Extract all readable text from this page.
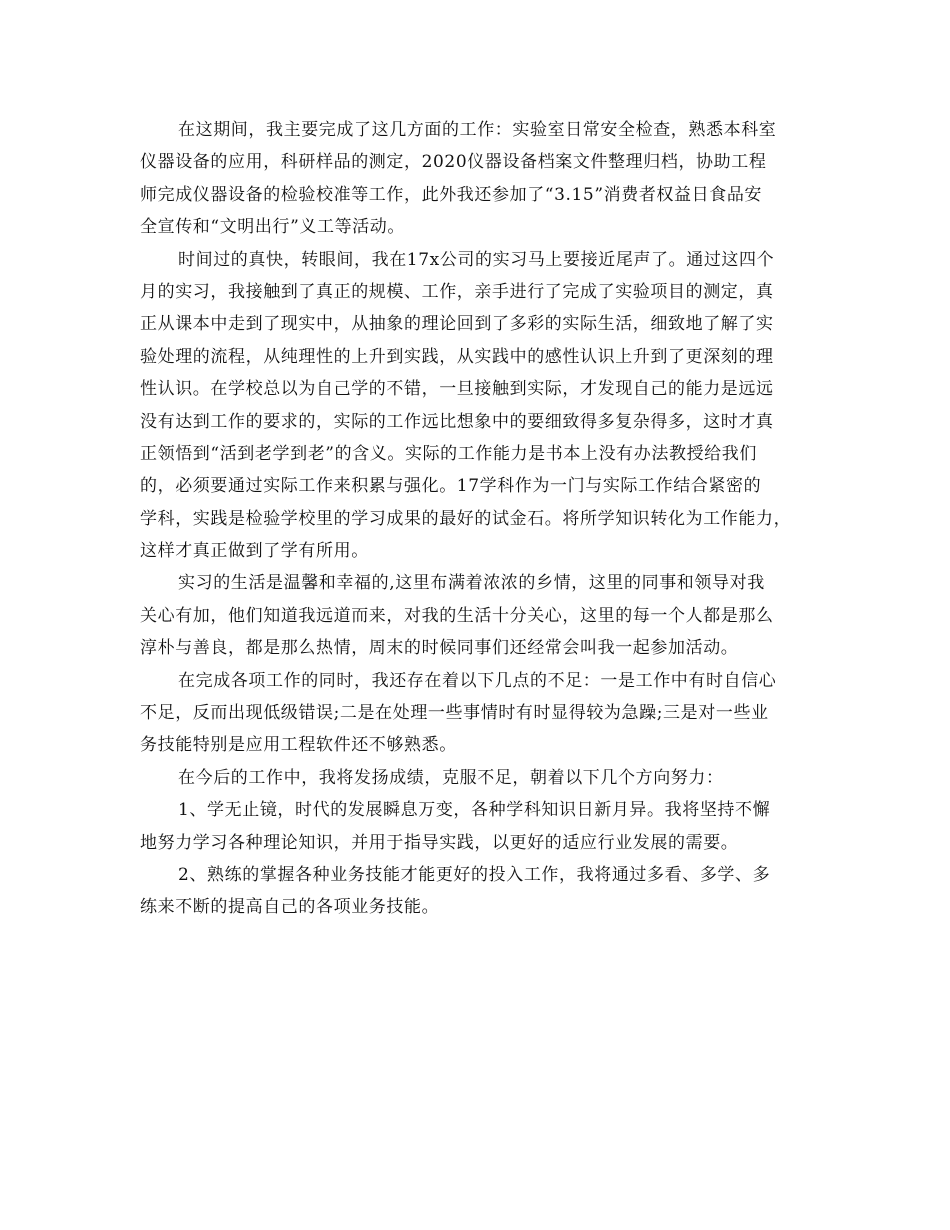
在这期间，我主要完成了这几方面的工作：实验室日常安全检查，熟悉本科室
仪器设备的应用，科研样品的测定，2020仪器设备档案文件整理归档，协助工程
师完成仪器设备的检验校准等工作，此外我还参加了“3.15”消费者权益日食品安
全宣传和“文明出行”义工等活动。
时间过的真快，转眼间，我在17x公司的实习马上要接近尾声了。通过这四个
月的实习，我接触到了真正的规模、工作，亲手进行了完成了实验项目的测定，真
正从课本中走到了现实中，从抽象的理论回到了多彩的实际生活，细致地了解了实
验处理的流程，从纯理性的上升到实践，从实践中的感性认识上升到了更深刻的理
性认识。在学校总以为自己学的不错，一旦接触到实际，才发现自己的能力是远远
没有达到工作的要求的，实际的工作远比想象中的要细致得多复杂得多，这时才真
正领悟到“活到老学到老”的含义。实际的工作能力是书本上没有办法教授给我们
的，必须要通过实际工作来积累与强化。17学科作为一门与实际工作结合紧密的
学科，实践是检验学校里的学习成果的最好的试金石。将所学知识转化为工作能力，
这样才真正做到了学有所用。
实习的生活是温馨和幸福的,这里布满着浓浓的乡情，这里的同事和领导对我
关心有加，他们知道我远道而来，对我的生活十分关心，这里的每一个人都是那么
淳朴与善良，都是那么热情，周末的时候同事们还经常会叫我一起参加活动。
在完成各项工作的同时，我还存在着以下几点的不足：一是工作中有时自信心
不足，反而出现低级错误;二是在处理一些事情时有时显得较为急躁;三是对一些业
务技能特别是应用工程软件还不够熟悉。
在今后的工作中，我将发扬成绩，克服不足，朝着以下几个方向努力：
1、学无止镜，时代的发展瞬息万变，各种学科知识日新月异。我将坚持不懈
地努力学习各种理论知识，并用于指导实践，以更好的适应行业发展的需要。
2、熟练的掌握各种业务技能才能更好的投入工作，我将通过多看、多学、多
练来不断的提高自己的各项业务技能。
